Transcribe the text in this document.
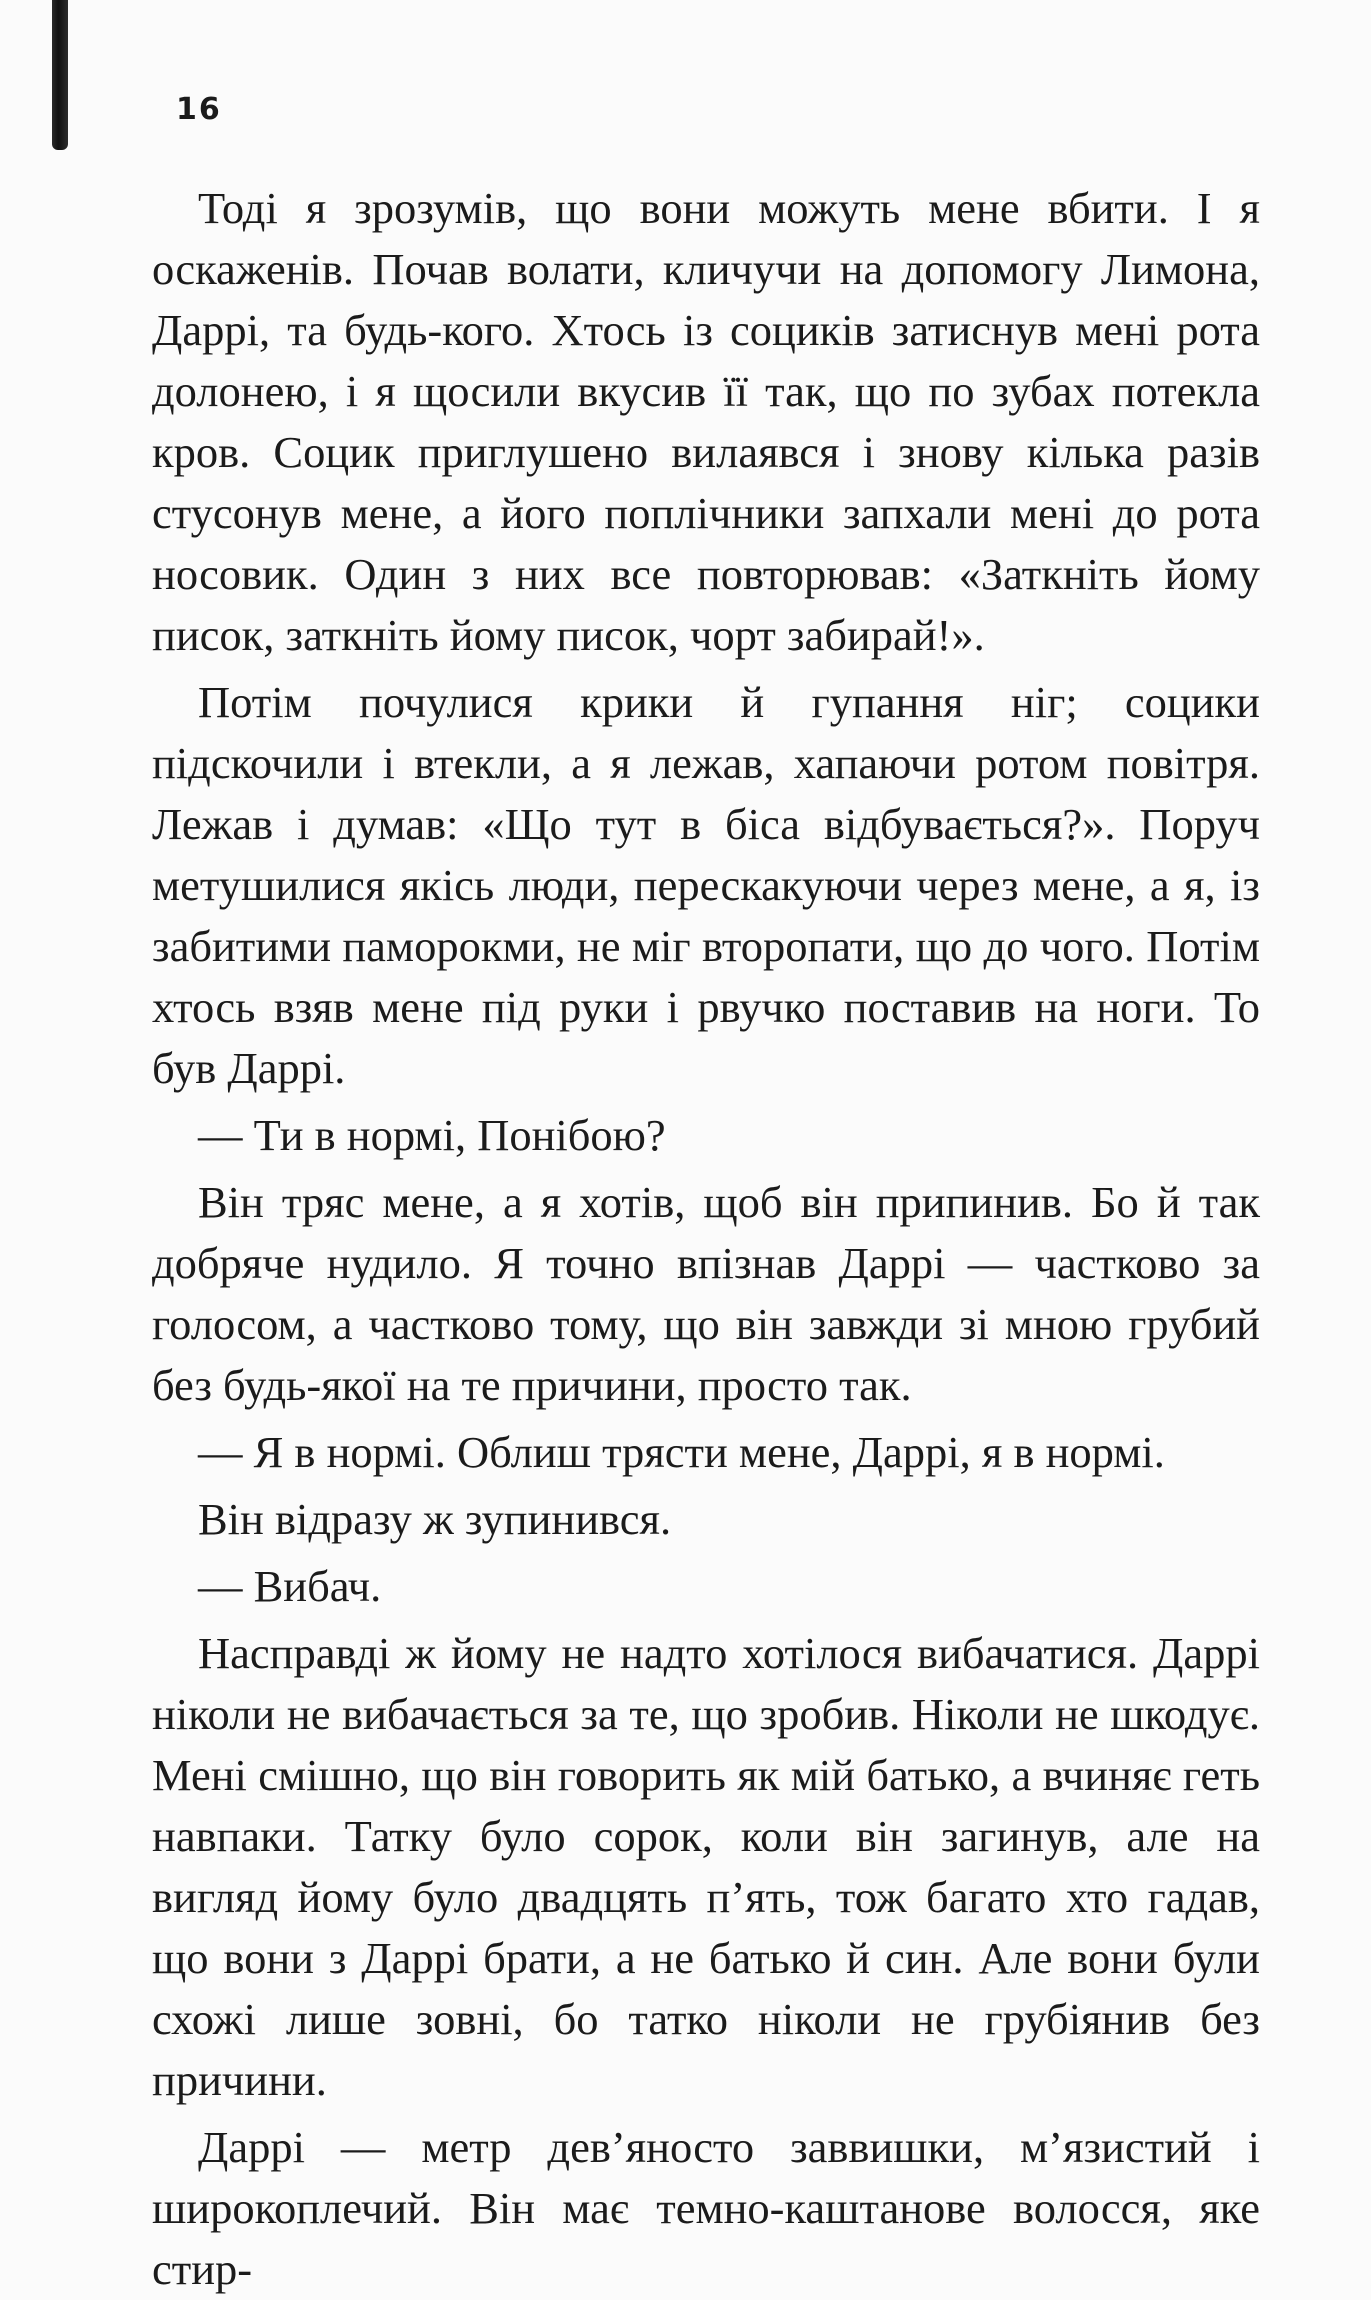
16

Тоді я зрозумів, що вони можуть мене вбити. І я оскаженів. Почав волати, кличучи на допомогу Лимона, Даррі, та будь-кого. Хтось із социків затиснув мені рота долонею, і я щосили вкусив її так, що по зубах потекла кров. Социк приглушено вилаявся і знову кілька разів стусонув мене, а його поплічники запхали мені до рота носовик. Один з них все повторював: «Заткніть йому писок, заткніть йому писок, чорт забирай!».

Потім почулися крики й гупання ніг; социки підскочили і втекли, а я лежав, хапаючи ротом повітря. Лежав і думав: «Що тут в біса відбувається?». Поруч метушилися якісь люди, перескакуючи через мене, а я, із забитими паморокми, не міг второпати, що до чого. Потім хтось взяв мене під руки і рвучко поставив на ноги. То був Даррі.

— Ти в нормі, Понібою?

Він тряс мене, а я хотів, щоб він припинив. Бо й так добряче нудило. Я точно впізнав Даррі — частково за голосом, а частково тому, що він завжди зі мною грубий без будь-якої на те причини, просто так.

— Я в нормі. Облиш трясти мене, Даррі, я в нормі.

Він відразу ж зупинився.

— Вибач.

Насправді ж йому не надто хотілося вибачатися. Даррі ніколи не вибачається за те, що зробив. Ніколи не шкодує. Мені смішно, що він говорить як мій батько, а вчиняє геть навпаки. Татку було сорок, коли він загинув, але на вигляд йому було двадцять п’ять, тож багато хто гадав, що вони з Даррі брати, а не батько й син. Але вони були схожі лише зовні, бо татко ніколи не грубіянив без причини.

Даррі — метр дев’яносто заввишки, м’язистий і широкоплечий. Він має темно-каштанове волосся, яке стир-
